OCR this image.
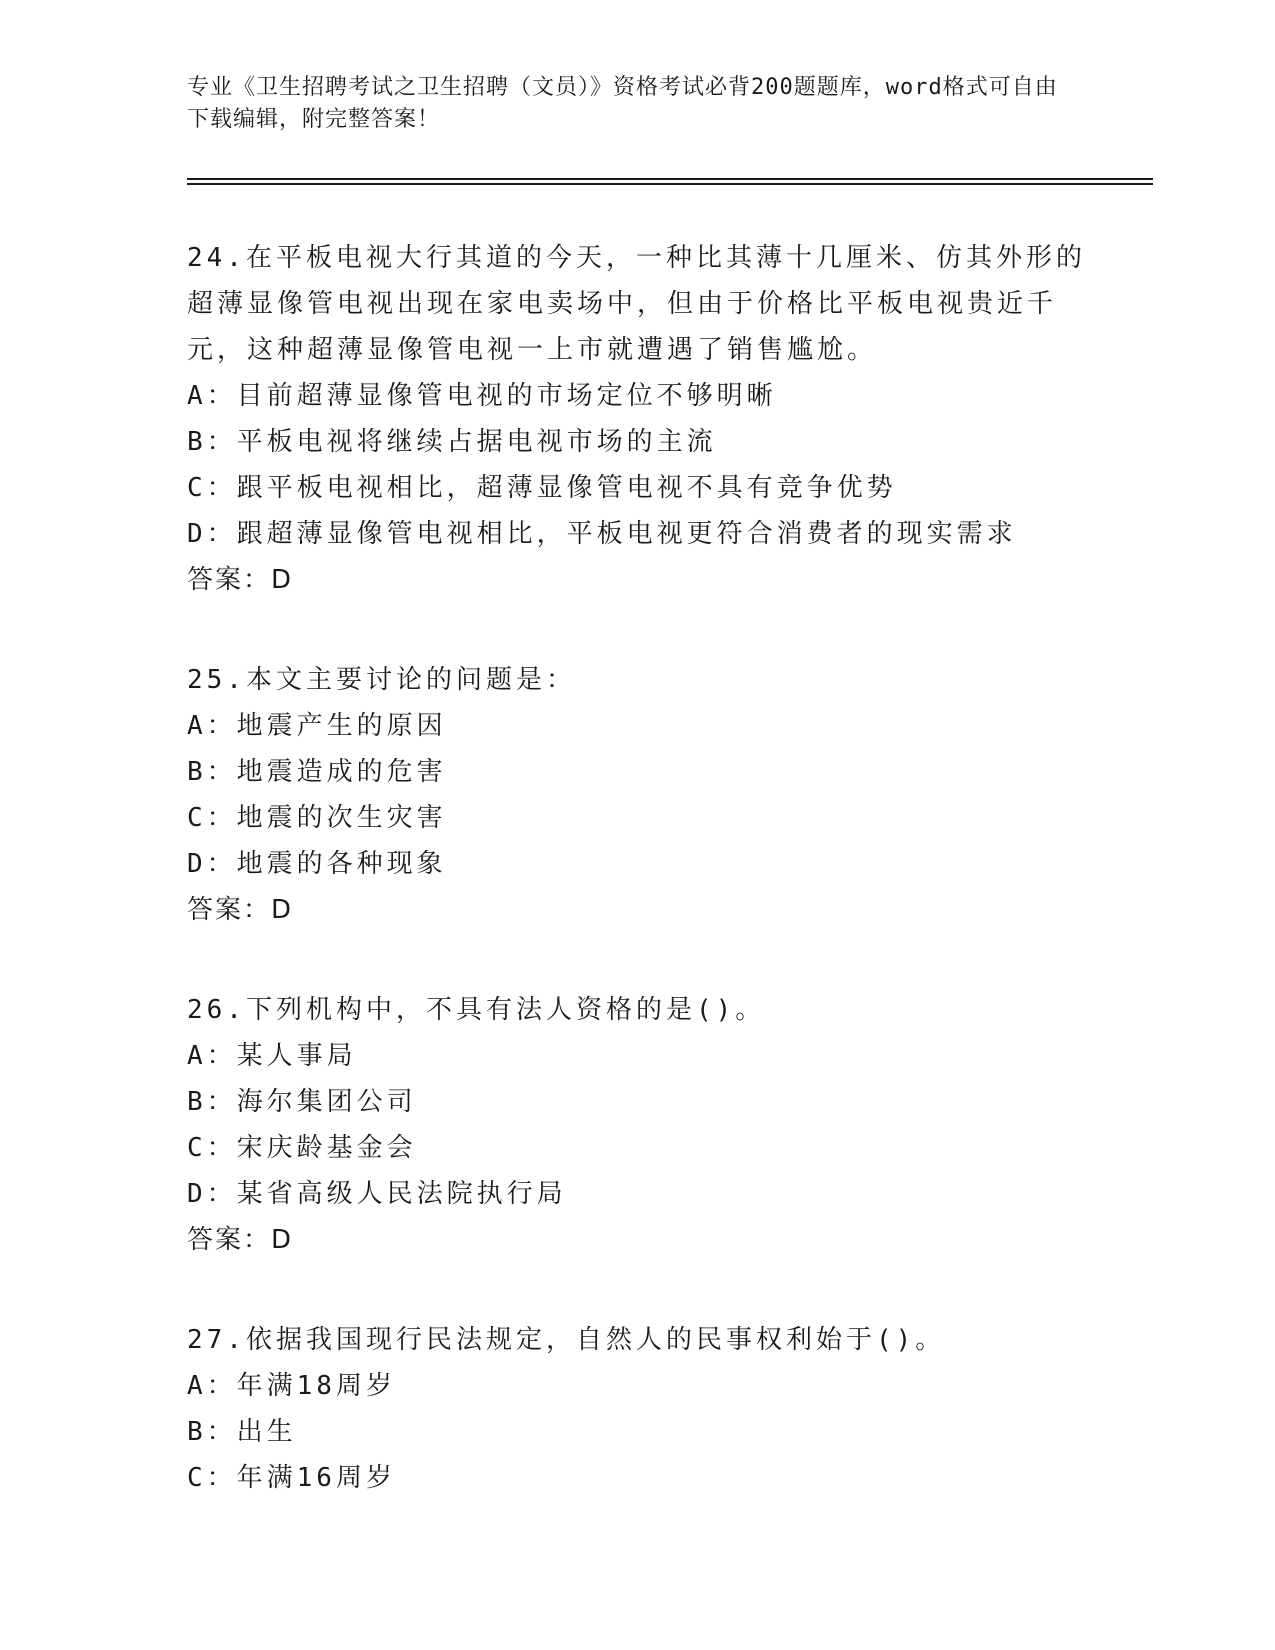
专业《卫生招聘考试之卫生招聘（文员）》资格考试必背200题题库，word格式可自由下载编辑，附完整答案！
24.在平板电视大行其道的今天，一种比其薄十几厘米、仿其外形的超薄显像管电视出现在家电卖场中，但由于价格比平板电视贵近千元，这种超薄显像管电视一上市就遭遇了销售尴尬。
A：目前超薄显像管电视的市场定位不够明晰
B：平板电视将继续占据电视市场的主流
C：跟平板电视相比，超薄显像管电视不具有竞争优势
D：跟超薄显像管电视相比，平板电视更符合消费者的现实需求
答案：D
25.本文主要讨论的问题是：
A：地震产生的原因
B：地震造成的危害
C：地震的次生灾害
D：地震的各种现象
答案：D
26.下列机构中，不具有法人资格的是()。
A：某人事局
B：海尔集团公司
C：宋庆龄基金会
D：某省高级人民法院执行局
答案：D
27.依据我国现行民法规定，自然人的民事权利始于()。
A：年满18周岁
B：出生
C：年满16周岁
